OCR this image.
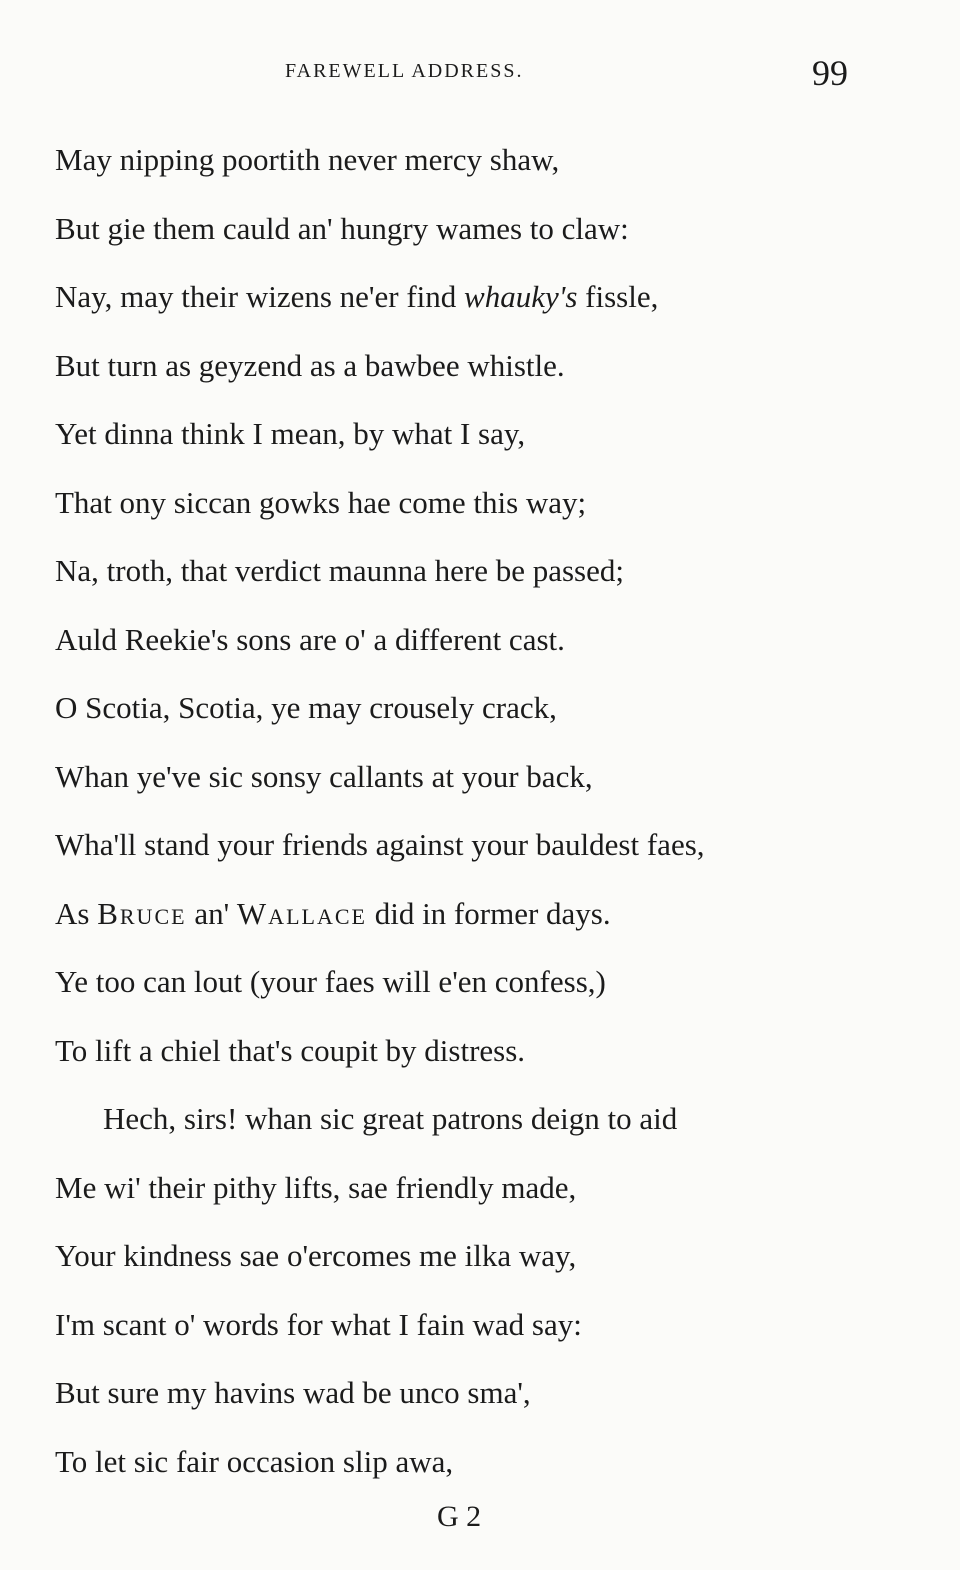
FAREWELL ADDRESS.	99
May nipping poortith never mercy shaw,
But gie them cauld an' hungry wames to claw:
Nay, may their wizens ne'er find whauky's fissle,
But turn as geyzend as a bawbee whistle.
Yet dinna think I mean, by what I say,
That ony siccan gowks hae come this way;
Na, troth, that verdict maunna here be passed;
Auld Reekie's sons are o' a different cast.
O Scotia, Scotia, ye may crousely crack,
Whan ye've sic sonsy callants at your back,
Wha'll stand your friends against your bauldest faes,
As Bruce an' Wallace did in former days.
Ye too can lout (your faes will e'en confess,)
To lift a chiel that's coupit by distress.
Hech, sirs! whan sic great patrons deign to aid
Me wi' their pithy lifts, sae friendly made,
Your kindness sae o'ercomes me ilka way,
I'm scant o' words for what I fain wad say:
But sure my havins wad be unco sma',
To let sic fair occasion slip awa,
G 2
